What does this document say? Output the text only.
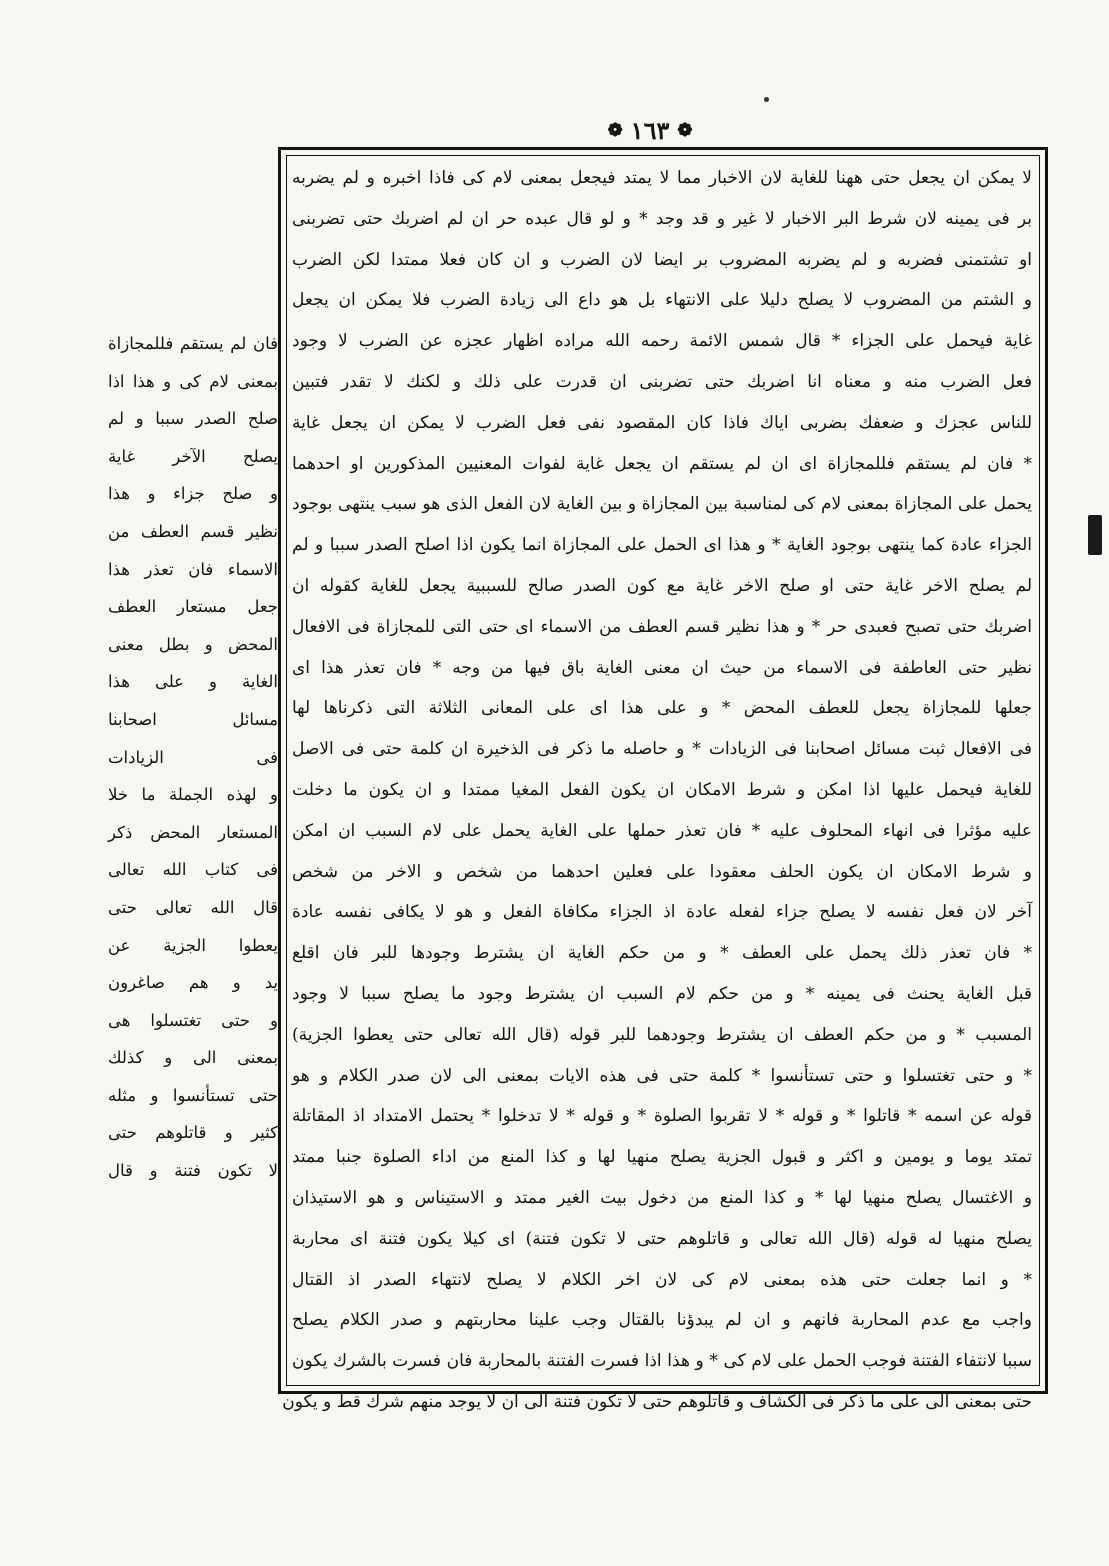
❁
١٦٣
❁
لا يمكن ان يجعل حتى ههنا للغاية لان الاخبار مما لا يمتد فيجعل بمعنى لام كى فاذا اخبره و لم يضربه
بر فى يمينه لان شرط البر الاخبار لا غير و قد وجد * و لو قال عبده حر ان لم اضربك حتى تضربنى
او تشتمنى فضربه و لم يضربه المضروب بر ايضا لان الضرب و ان كان فعلا ممتدا لكن الضرب
و الشتم من المضروب لا يصلح دليلا على الانتهاء بل هو داع الى زيادة الضرب فلا يمكن ان يجعل
غاية فيحمل على الجزاء * قال شمس الائمة رحمه الله مراده اظهار عجزه عن الضرب لا وجود
فعل الضرب منه و معناه انا اضربك حتى تضربنى ان قدرت على ذلك و لكنك لا تقدر فتبين
للناس عجزك و ضعفك بضربى اياك فاذا كان المقصود نفى فعل الضرب لا يمكن ان يجعل غاية
* فان لم يستقم فللمجازاة اى ان لم يستقم ان يجعل غاية لفوات المعنيين المذكورين او احدهما
يحمل على المجازاة بمعنى لام كى لمناسبة بين المجازاة و بين الغاية لان الفعل الذى هو سبب ينتهى بوجود
الجزاء عادة كما ينتهى بوجود الغاية * و هذا اى الحمل على المجازاة انما يكون اذا اصلح الصدر سببا و لم
لم يصلح الاخر غاية حتى او صلح الاخر غاية مع كون الصدر صالح للسببية يجعل للغاية كقوله ان
اضربك حتى تصبح فعبدى حر * و هذا نظير قسم العطف من الاسماء اى حتى التى للمجازاة فى الافعال
نظير حتى العاطفة فى الاسماء من حيث ان معنى الغاية باق فيها من وجه * فان تعذر هذا اى
جعلها للمجازاة يجعل للعطف المحض * و على هذا اى على المعانى الثلاثة التى ذكرناها لها
فى الافعال ثبت مسائل اصحابنا فى الزيادات * و حاصله ما ذكر فى الذخيرة ان كلمة حتى فى الاصل
للغاية فيحمل عليها اذا امكن و شرط الامكان ان يكون الفعل المغيا ممتدا و ان يكون ما دخلت
عليه مؤثرا فى انهاء المحلوف عليه * فان تعذر حملها على الغاية يحمل على لام السبب ان امكن
و شرط الامكان ان يكون الحلف معقودا على فعلين احدهما من شخص و الاخر من شخص
آخر لان فعل نفسه لا يصلح جزاء لفعله عادة اذ الجزاء مكافاة الفعل و هو لا يكافى نفسه عادة
* فان تعذر ذلك يحمل على العطف * و من حكم الغاية ان يشترط وجودها للبر فان اقلع
قبل الغاية يحنث فى يمينه * و من حكم لام السبب ان يشترط وجود ما يصلح سببا لا وجود
المسبب * و من حكم العطف ان يشترط وجودهما للبر قوله (قال الله تعالى حتى يعطوا الجزية)
* و حتى تغتسلوا و حتى تستأنسوا * كلمة حتى فى هذه الايات بمعنى الى لان صدر الكلام و هو
قوله عن اسمه * قاتلوا * و قوله * لا تقربوا الصلوة * و قوله * لا تدخلوا * يحتمل الامتداد اذ المقاتلة
تمتد يوما و يومين و اكثر و قبول الجزية يصلح منهيا لها و كذا المنع من اداء الصلوة جنبا ممتد
و الاغتسال يصلح منهيا لها * و كذا المنع من دخول بيت الغير ممتد و الاستيناس و هو الاستيذان
يصلح منهيا له قوله (قال الله تعالى و قاتلوهم حتى لا تكون فتنة) اى كيلا يكون فتنة اى محاربة
* و انما جعلت حتى هذه بمعنى لام كى لان اخر الكلام لا يصلح لانتهاء الصدر اذ القتال
واجب مع عدم المحاربة فانهم و ان لم يبدؤنا بالقتال وجب علينا محاربتهم و صدر الكلام يصلح
سببا لانتفاء الفتنة فوجب الحمل على لام كى * و هذا اذا فسرت الفتنة بالمحاربة فان فسرت بالشرك يكون
حتى بمعنى الى على ما ذكر فى الكشاف و قاتلوهم حتى لا تكون فتنة الى ان لا يوجد منهم شرك قط و يكون
فان لم يستقم فللمجازاة
بمعنى لام كى و هذا اذا
صلح الصدر سببا و لم
يصلح الآخر غاية
و صلح جزاء و هذا
نظير قسم العطف من
الاسماء فان تعذر هذا
جعل مستعار العطف
المحض و بطل معنى
الغاية و على هذا
مسائل اصحابنا
فى الزيادات
و لهذه الجملة ما خلا
المستعار المحض ذكر
فى كتاب الله تعالى
قال الله تعالى حتى
يعطوا الجزية عن
يد و هم صاغرون
و حتى تغتسلوا هى
بمعنى الى و كذلك
حتى تستأنسوا و مثله
كثير و قاتلوهم حتى
لا تكون فتنة و قال
